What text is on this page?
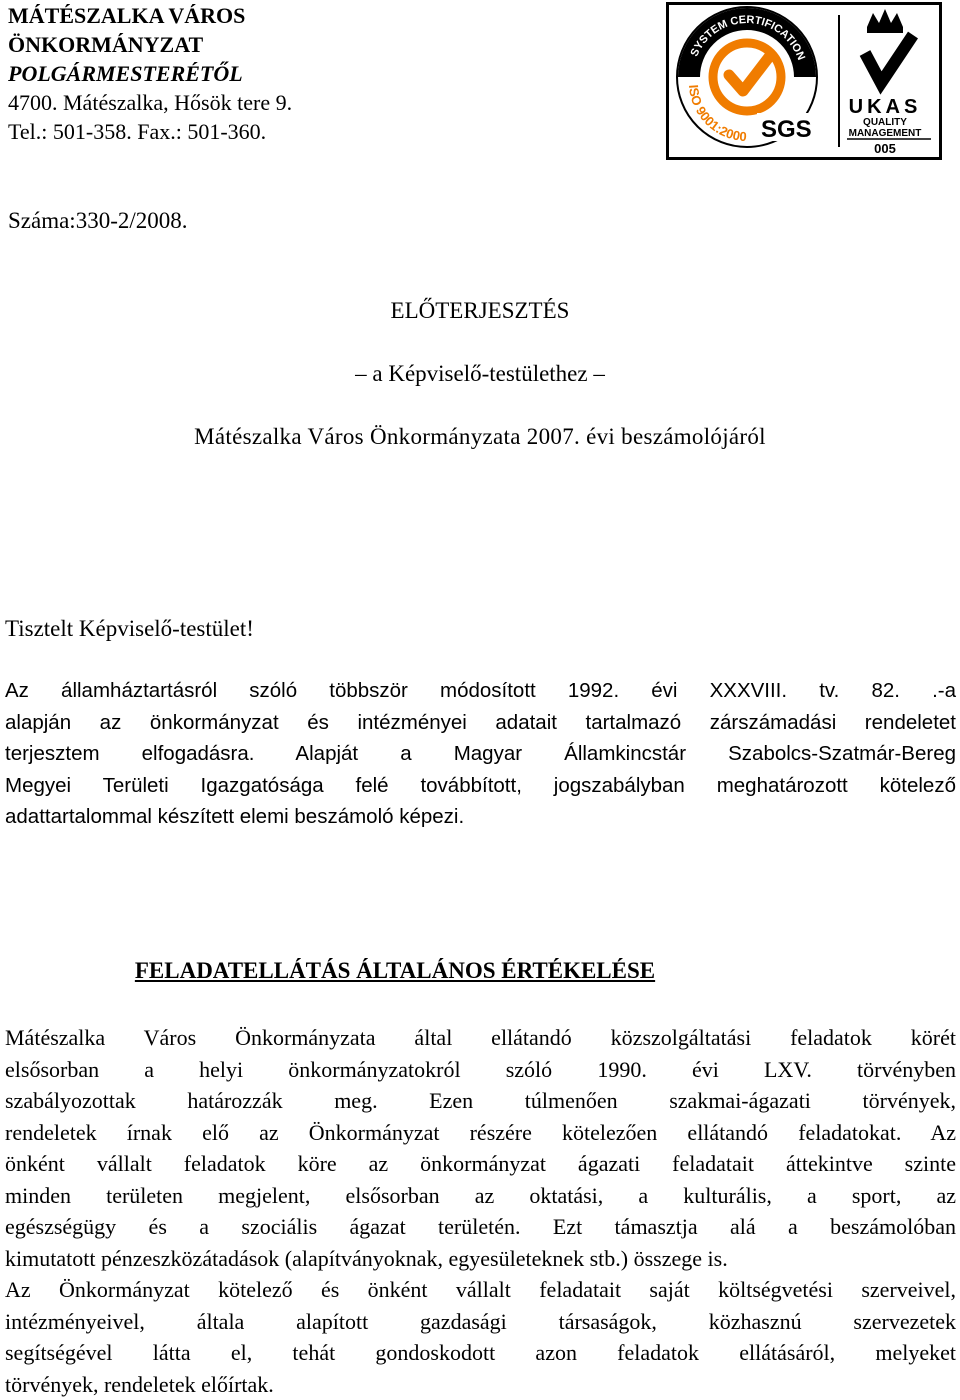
MÁTÉSZALKA VÁROS
ÖNKORMÁNYZAT
POLGÁRMESTERÉTŐL
4700. Mátészalka, Hősök tere 9.
Tel.: 501-358. Fax.: 501-360.
SYSTEM CERTIFICATION
ISO 9001:2000 SGS
UKAS
QUALITY
MANAGEMENT
005
Száma:330-2/2008.
ELŐTERJESZTÉS
– a Képviselő-testülethez –
Mátészalka Város Önkormányzata 2007. évi beszámolójáról
Tisztelt Képviselő-testület!
Az államháztartásról szóló többször módosított 1992. évi XXXVIII. tv. 82. .-a
alapján az önkormányzat és intézményei adatait tartalmazó zárszámadási rendeletet
terjesztem elfogadásra. Alapját a Magyar Államkincstár Szabolcs-Szatmár-Bereg
Megyei Területi Igazgatósága felé továbbított, jogszabályban meghatározott kötelező
adattartalommal készített elemi beszámoló képezi.
FELADATELLÁTÁS ÁLTALÁNOS ÉRTÉKELÉSE
Mátészalka Város Önkormányzata által ellátandó közszolgáltatási feladatok körét
elsősorban a helyi önkormányzatokról szóló 1990. évi LXV. törvényben
szabályozottak határozzák meg. Ezen túlmenően szakmai-ágazati törvények,
rendeletek írnak elő az Önkormányzat részére kötelezően ellátandó feladatokat. Az
önként vállalt feladatok köre az önkormányzat ágazati feladatait áttekintve szinte
minden területen megjelent, elsősorban az oktatási, a kulturális, a sport, az
egészségügy és a szociális ágazat területén. Ezt támasztja alá a beszámolóban
kimutatott pénzeszközátadások (alapítványoknak, egyesületeknek stb.) összege is.
Az Önkormányzat kötelező és önként vállalt feladatait saját költségvetési szerveivel,
intézményeivel, általa alapított gazdasági társaságok, közhasznú szervezetek
segítségével látta el, tehát gondoskodott azon feladatok ellátásáról, melyeket
törvények, rendeletek előírtak.
